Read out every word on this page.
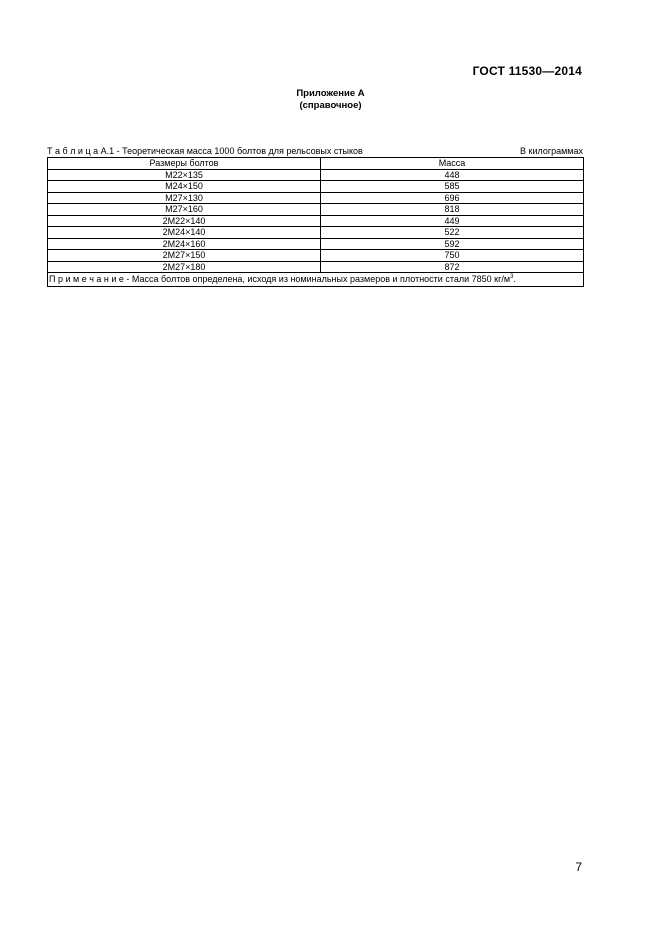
ГОСТ 11530—2014
Приложение А
(справочное)
Т а б л и ц а А.1 - Теоретическая масса 1000 болтов для рельсовых стыков	В килограммах
Размеры болтов	Масса
М22×135	448
М24×150	585
М27×130	696
М27×160	818
2М22×140	449
2М24×140	522
2М24×160	592
2М27×150	750
2М27×180	872
П р и м е ч а н и е - Масса болтов определена, исходя из номинальных размеров и плотности стали 7850 $кг/м^3$.	
7
